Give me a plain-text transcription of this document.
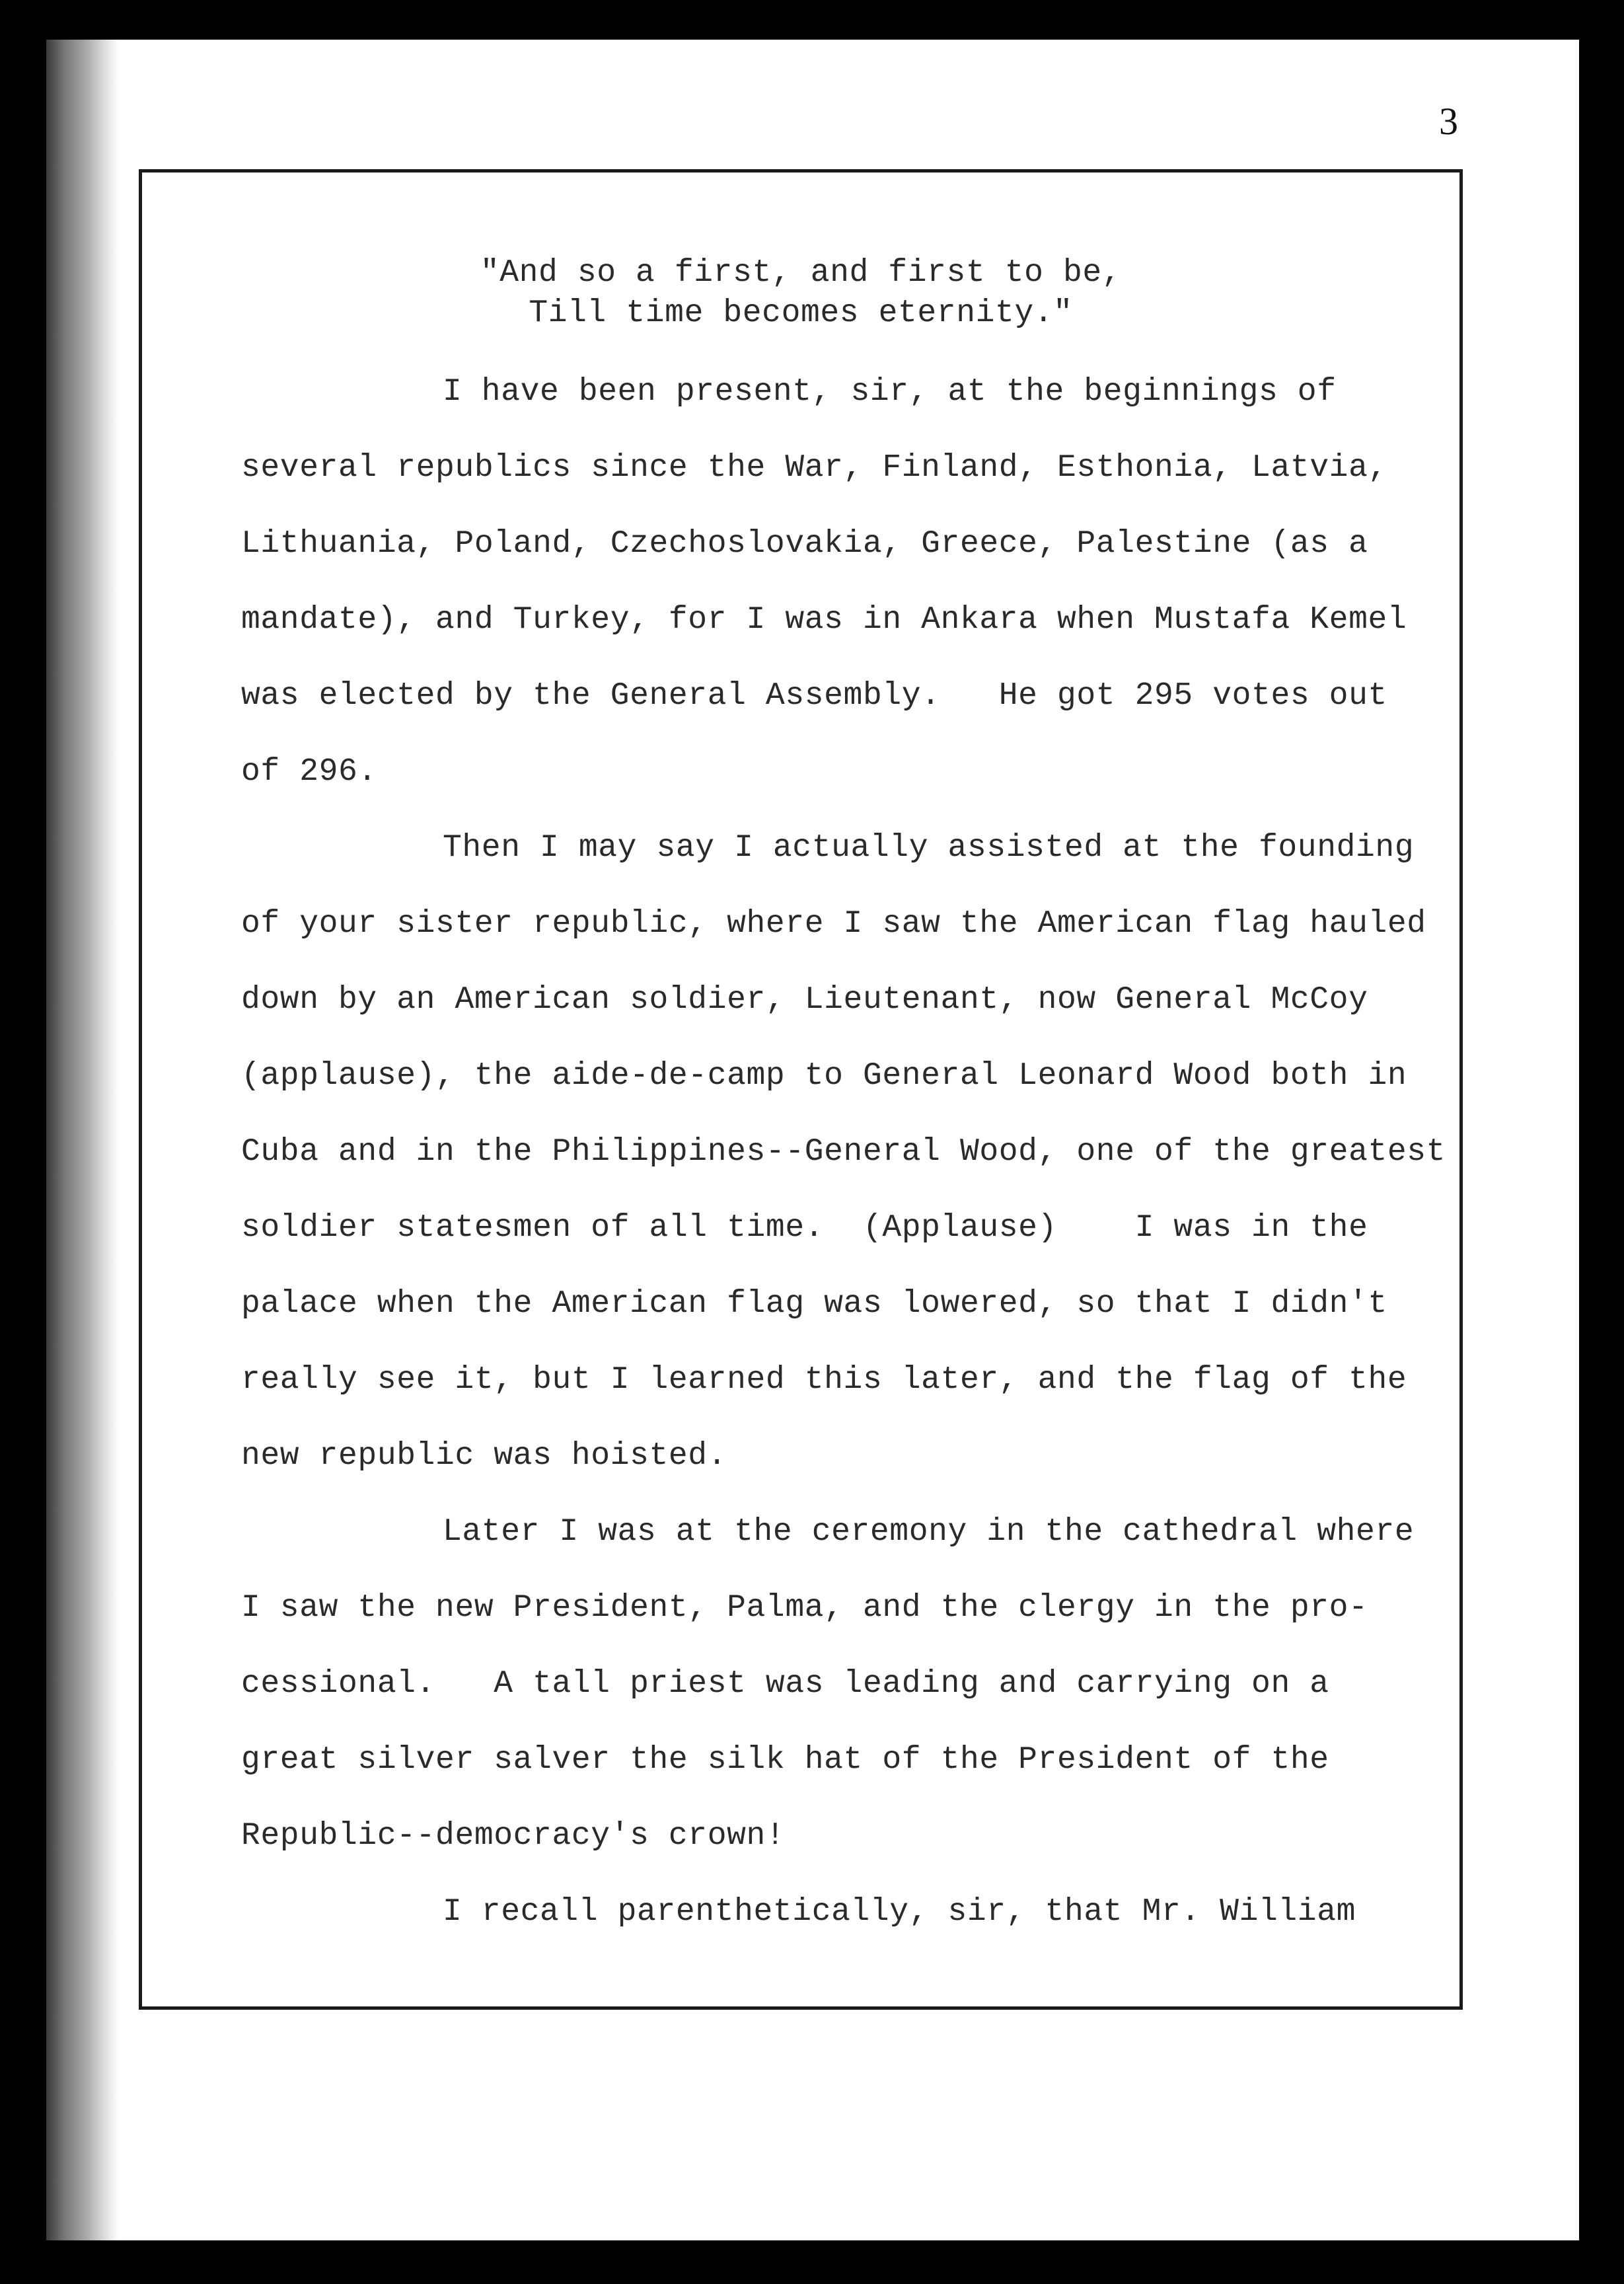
3
"And so a first, and first to be,
Till time becomes eternity."
I have been present, sir, at the beginnings of
several republics since the War, Finland, Esthonia, Latvia,
Lithuania, Poland, Czechoslovakia, Greece, Palestine (as a
mandate), and Turkey, for I was in Ankara when Mustafa Kemel
was elected by the General Assembly.   He got 295 votes out
of 296.
Then I may say I actually assisted at the founding
of your sister republic, where I saw the American flag hauled
down by an American soldier, Lieutenant, now General McCoy
(applause), the aide-de-camp to General Leonard Wood both in
Cuba and in the Philippines--General Wood, one of the greatest
soldier statesmen of all time.  (Applause)    I was in the
palace when the American flag was lowered, so that I didn't
really see it, but I learned this later, and the flag of the
new republic was hoisted.
Later I was at the ceremony in the cathedral where
I saw the new President, Palma, and the clergy in the pro-
cessional.   A tall priest was leading and carrying on a
great silver salver the silk hat of the President of the
Republic--democracy's crown!
I recall parenthetically, sir, that Mr. William
